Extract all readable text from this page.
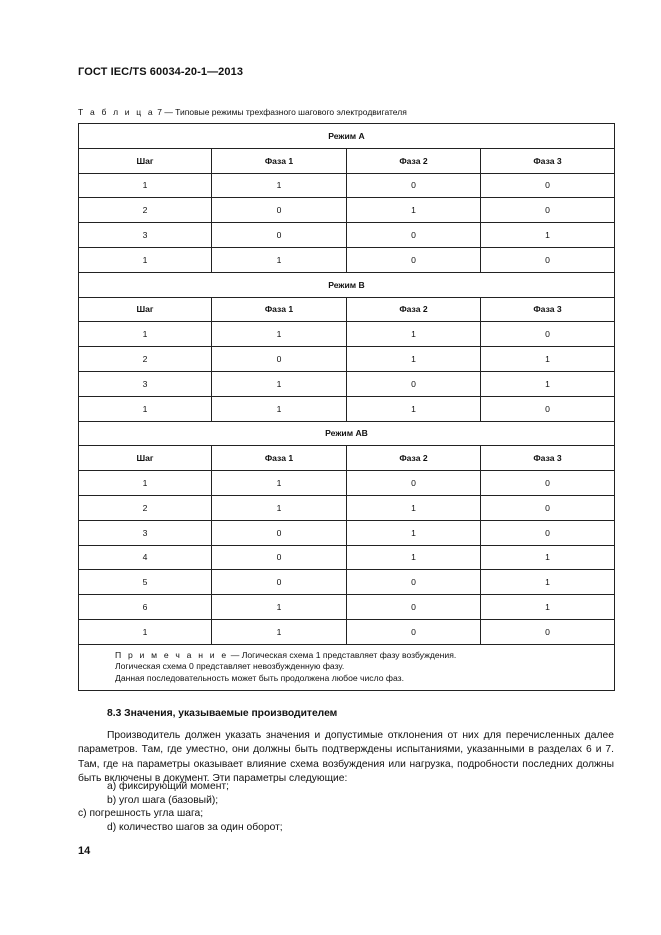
ГОСТ IEC/TS 60034-20-1—2013
Т а б л и ц а 7 — Типовые режимы трехфазного шагового электродвигателя
Режим А			
Шаг	Фаза 1	Фаза 2	Фаза 3
1	1	0	0
2	0	1	0
3	0	0	1
1	1	0	0
Режим В			
Шаг	Фаза 1	Фаза 2	Фаза 3
1	1	1	0
2	0	1	1
3	1	0	1
1	1	1	0
Режим АВ			
Шаг	Фаза 1	Фаза 2	Фаза 3
1	1	0	0
2	1	1	0
3	0	1	0
4	0	1	1
5	0	0	1
6	1	0	1
1	1	0	0

П р и м е ч а н и е — Логическая схема 1 представляет фазу возбуждения.
Логическая схема 0 представляет невозбужденную фазу.
Данная последовательность может быть продолжена любое число фаз.			
8.3 Значения, указываемые производителем

Производитель должен указать значения и допустимые отклонения от них для перечисленных далее параметров. Там, где уместно, они должны быть подтверждены испытаниями, указанными в разделах 6 и 7. Там, где на параметры оказывает влияние схема возбуждения или нагрузка, подробности последних должны быть включены в документ. Эти параметры следующие:

a) фиксирующий момент;
b) угол шага (базовый);
c) погрешность угла шага;
d) количество шагов за один оборот;
14
